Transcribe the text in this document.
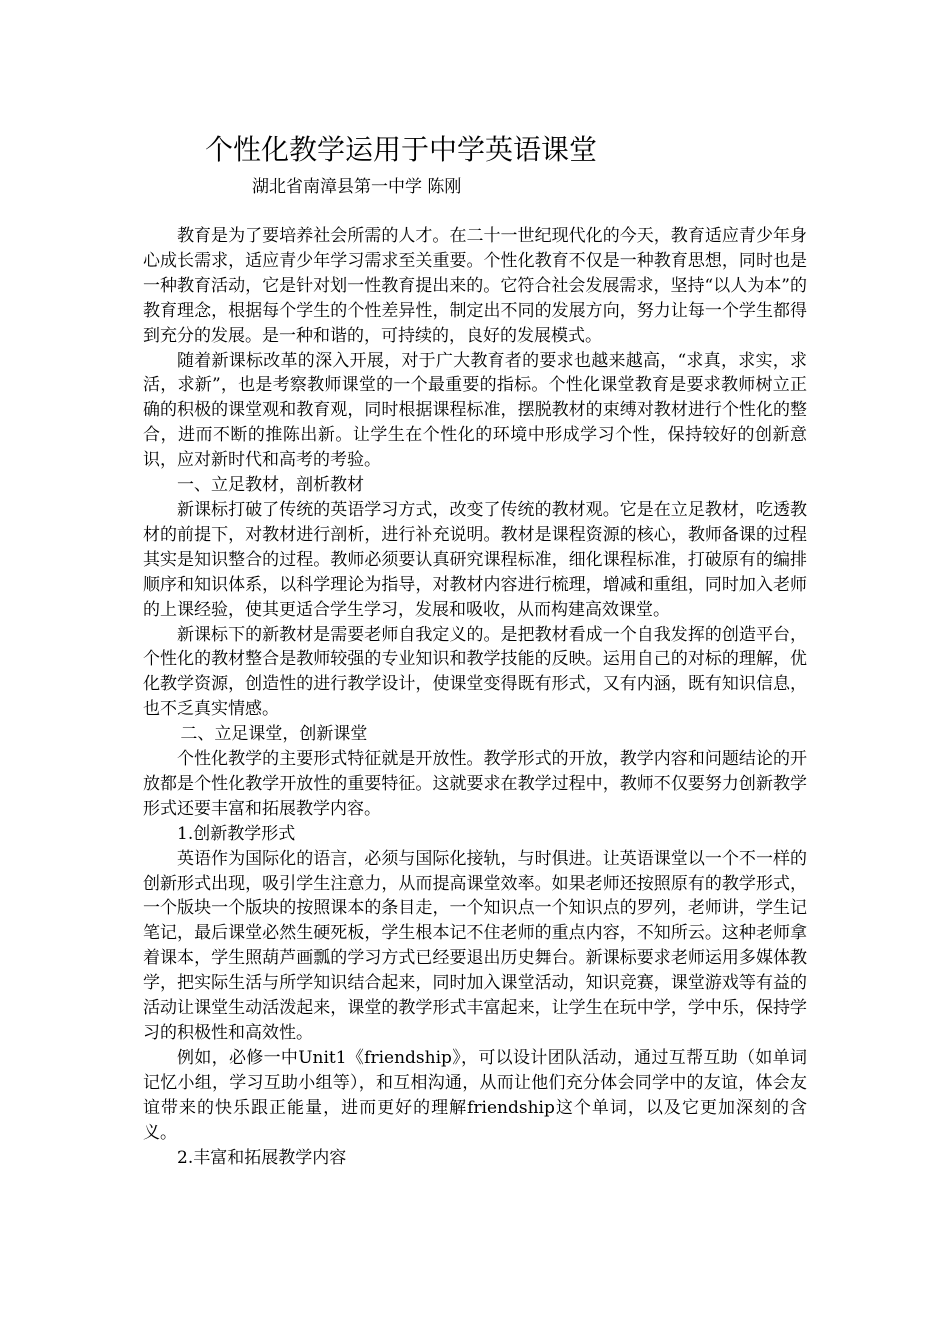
个性化教学运用于中学英语课堂

湖北省南漳县第一中学 陈刚

教育是为了要培养社会所需的人才。在二十一世纪现代化的今天，教育适应青少年身心成长需求，适应青少年学习需求至关重要。个性化教育不仅是一种教育思想，同时也是一种教育活动，它是针对划一性教育提出来的。它符合社会发展需求，坚持“以人为本”的教育理念，根据每个学生的个性差异性，制定出不同的发展方向，努力让每一个学生都得到充分的发展。是一种和谐的，可持续的，良好的发展模式。

随着新课标改革的深入开展，对于广大教育者的要求也越来越高，“求真，求实，求活，求新”，也是考察教师课堂的一个最重要的指标。个性化课堂教育是要求教师树立正确的积极的课堂观和教育观，同时根据课程标准，摆脱教材的束缚对教材进行个性化的整合，进而不断的推陈出新。让学生在个性化的环境中形成学习个性，保持较好的创新意识，应对新时代和高考的考验。

一、立足教材，剖析教材

新课标打破了传统的英语学习方式，改变了传统的教材观。它是在立足教材，吃透教材的前提下，对教材进行剖析，进行补充说明。教材是课程资源的核心，教师备课的过程其实是知识整合的过程。教师必须要认真研究课程标准，细化课程标准，打破原有的编排顺序和知识体系，以科学理论为指导，对教材内容进行梳理，增减和重组，同时加入老师的上课经验，使其更适合学生学习，发展和吸收，从而构建高效课堂。

新课标下的新教材是需要老师自我定义的。是把教材看成一个自我发挥的创造平台，个性化的教材整合是教师较强的专业知识和教学技能的反映。运用自己的对标的理解，优化教学资源，创造性的进行教学设计，使课堂变得既有形式，又有内涵，既有知识信息，也不乏真实情感。

二、立足课堂，创新课堂

个性化教学的主要形式特征就是开放性。教学形式的开放，教学内容和问题结论的开放都是个性化教学开放性的重要特征。这就要求在教学过程中，教师不仅要努力创新教学形式还要丰富和拓展教学内容。

1.创新教学形式

英语作为国际化的语言，必须与国际化接轨，与时俱进。让英语课堂以一个不一样的创新形式出现，吸引学生注意力，从而提高课堂效率。如果老师还按照原有的教学形式，一个版块一个版块的按照课本的条目走，一个知识点一个知识点的罗列，老师讲，学生记笔记，最后课堂必然生硬死板，学生根本记不住老师的重点内容，不知所云。这种老师拿着课本，学生照葫芦画瓢的学习方式已经要退出历史舞台。新课标要求老师运用多媒体教学，把实际生活与所学知识结合起来，同时加入课堂活动，知识竞赛，课堂游戏等有益的活动让课堂生动活泼起来，课堂的教学形式丰富起来，让学生在玩中学，学中乐，保持学习的积极性和高效性。

例如，必修一中Unit1《friendship》，可以设计团队活动，通过互帮互助（如单词记忆小组，学习互助小组等），和互相沟通，从而让他们充分体会同学中的友谊，体会友谊带来的快乐跟正能量，进而更好的理解friendship这个单词，以及它更加深刻的含义。

2.丰富和拓展教学内容
